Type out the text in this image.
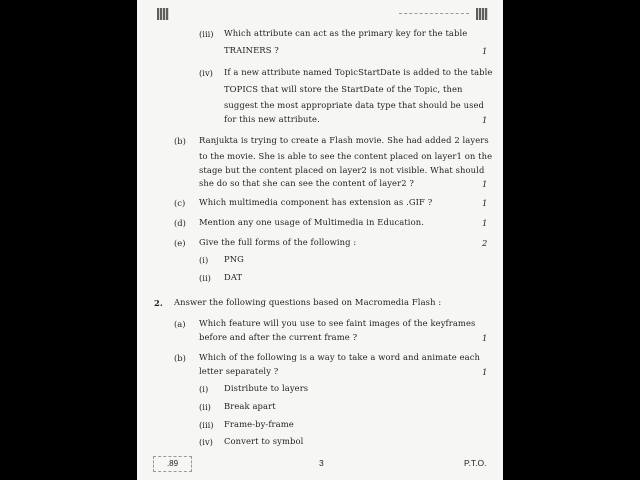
(iii) Which attribute can act as the primary key for the table
TRAINERS ?	1
(iv) If a new attribute named TopicStartDate is added to the table
TOPICS that will store the StartDate of the Topic, then
suggest the most appropriate data type that should be used
for this new attribute.	1
(b) Ranjukta is trying to create a Flash movie. She had added 2 layers
to the movie. She is able to see the content placed on layer1 on the
stage but the content placed on layer2 is not visible. What should
she do so that she can see the content of layer2 ?	1
(c) Which multimedia component has extension as .GIF ?	1
(d) Mention any one usage of Multimedia in Education.	1
(e) Give the full forms of the following :	2
(i) PNG
(ii) DAT
2. Answer the following questions based on Macromedia Flash :
(a) Which feature will you use to see faint images of the keyframes
before and after the current frame ?	1
(b) Which of the following is a way to take a word and animate each
letter separately ?	1
(i) Distribute to layers
(ii) Break apart
(iii) Frame-by-frame
(iv) Convert to symbol
.89	3	P.T.O.
